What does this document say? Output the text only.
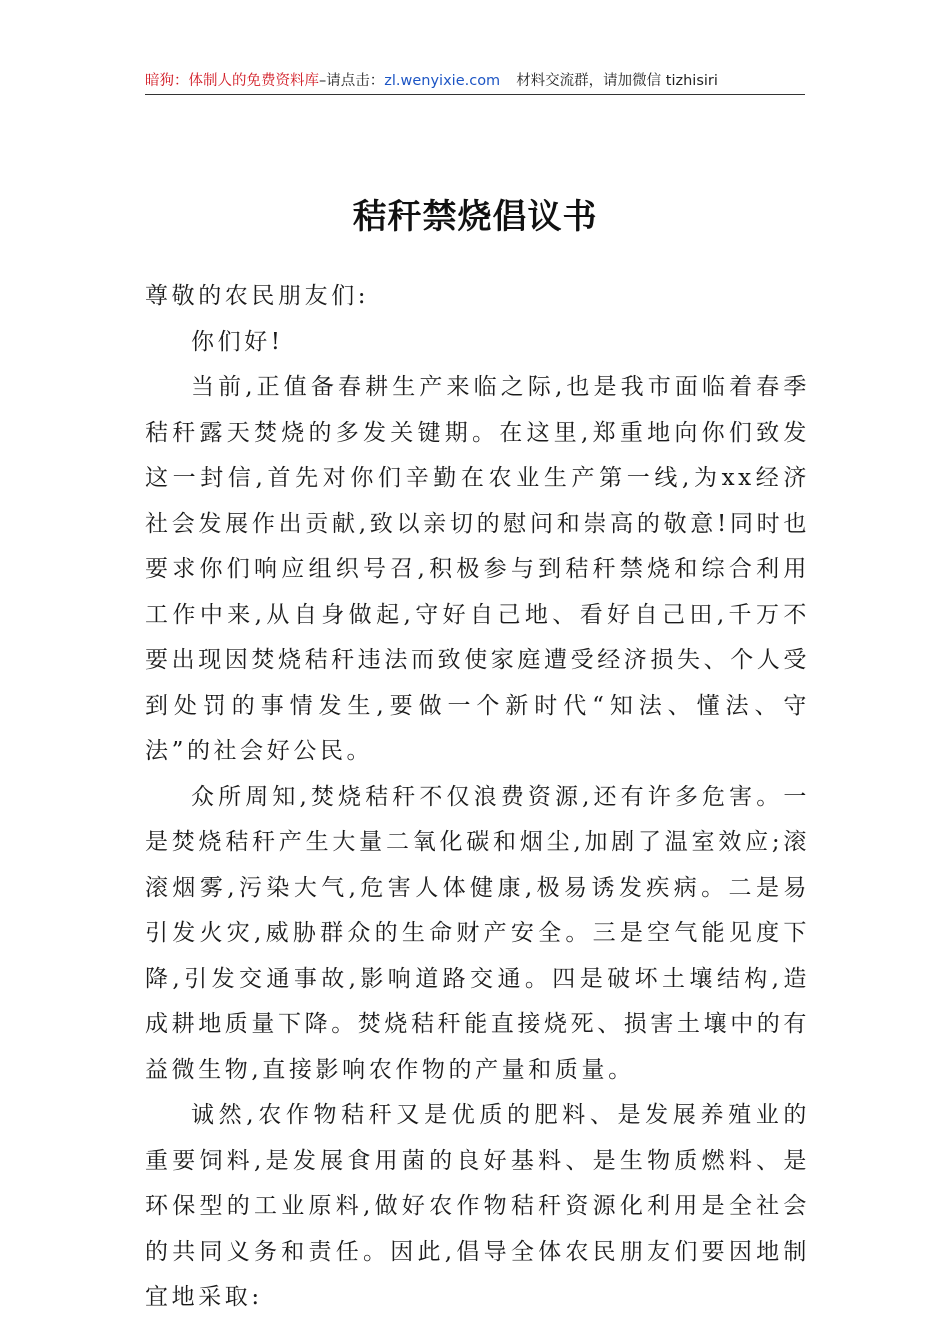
暗狗：体制人的免费资料库–请点击：zl.wenyixie.com 材料交流群，请加微信 tizhisiri
秸秆禁烧倡议书

尊敬的农民朋友们:

你们好!

当前,正值备春耕生产来临之际,也是我市面临着春季秸秆露天焚烧的多发关键期。在这里,郑重地向你们致发这一封信,首先对你们辛勤在农业生产第一线,为xx经济社会发展作出贡献,致以亲切的慰问和崇高的敬意!同时也要求你们响应组织号召,积极参与到秸秆禁烧和综合利用工作中来,从自身做起,守好自己地、看好自己田,千万不要出现因焚烧秸秆违法而致使家庭遭受经济损失、个人受到处罚的事情发生,要做一个新时代“知法、懂法、守法”的社会好公民。

众所周知,焚烧秸秆不仅浪费资源,还有许多危害。一是焚烧秸秆产生大量二氧化碳和烟尘,加剧了温室效应;滚滚烟雾,污染大气,危害人体健康,极易诱发疾病。二是易引发火灾,威胁群众的生命财产安全。三是空气能见度下降,引发交通事故,影响道路交通。四是破坏土壤结构,造成耕地质量下降。焚烧秸秆能直接烧死、损害土壤中的有益微生物,直接影响农作物的产量和质量。

诚然,农作物秸秆又是优质的肥料、是发展养殖业的重要饲料,是发展食用菌的良好基料、是生物质燃料、是环保型的工业原料,做好农作物秸秆资源化利用是全社会的共同义务和责任。因此,倡导全体农民朋友们要因地制宜地采取:
